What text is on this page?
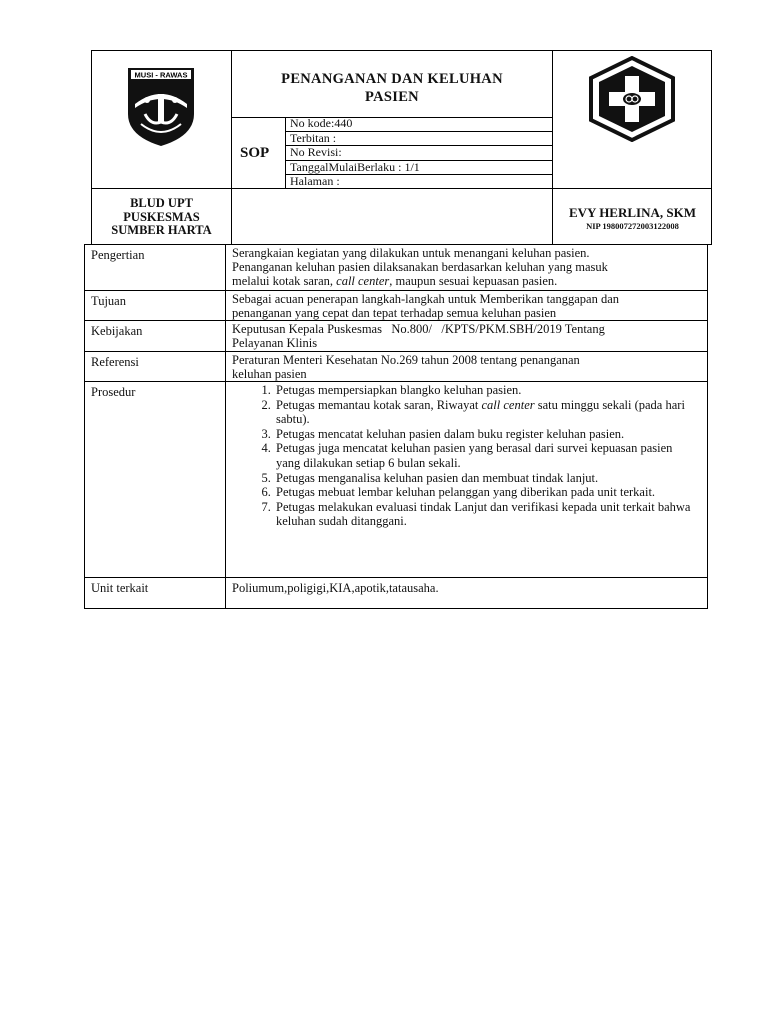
MUSI - RAWAS	PENANGANAN DAN KELUHAN
PASIEN
SOP
No kode:440
Terbitan :
No Revisi:
TanggalMulaiBerlaku : 1/1
Halaman :
BLUD UPT
PUSKESMAS
SUMBER HARTA
EVY HERLINA, SKM
NIP 198007272003122008
Pengertian	Serangkaian kegiatan yang dilakukan untuk menangani keluhan pasien.
Penanganan keluhan pasien dilaksanakan berdasarkan keluhan yang masuk
melalui kotak saran, call center, maupun sesuai kepuasan pasien.
Tujuan	Sebagai acuan penerapan langkah-langkah untuk Memberikan tanggapan dan
penanganan yang cepat dan tepat terhadap semua keluhan pasien
Kebijakan	Keputusan Kepala Puskesmas   No.800/   /KPTS/PKM.SBH/2019 Tentang
Pelayanan Klinis
Referensi	Peraturan Menteri Kesehatan No.269 tahun 2008 tentang penanganan
keluhan pasien
Prosedur
1.	Petugas mempersiapkan blangko keluhan pasien.
2. Petugas memantau kotak saran, Riwayat call center satu minggu sekali (pada hari sabtu).
3. Petugas mencatat keluhan pasien dalam buku register keluhan pasien.
4. Petugas juga mencatat keluhan pasien yang berasal dari survei kepuasan pasien yang dilakukan setiap 6 bulan sekali.
5. Petugas menganalisa keluhan pasien dan membuat tindak lanjut.
6. Petugas mebuat lembar keluhan pelanggan yang diberikan pada unit terkait.
7. Petugas melakukan evaluasi tindak Lanjut dan verifikasi kepada unit terkait bahwa keluhan sudah ditanggani.
Unit terkait	Poliumum,poligigi,KIA,apotik,tatausaha.
